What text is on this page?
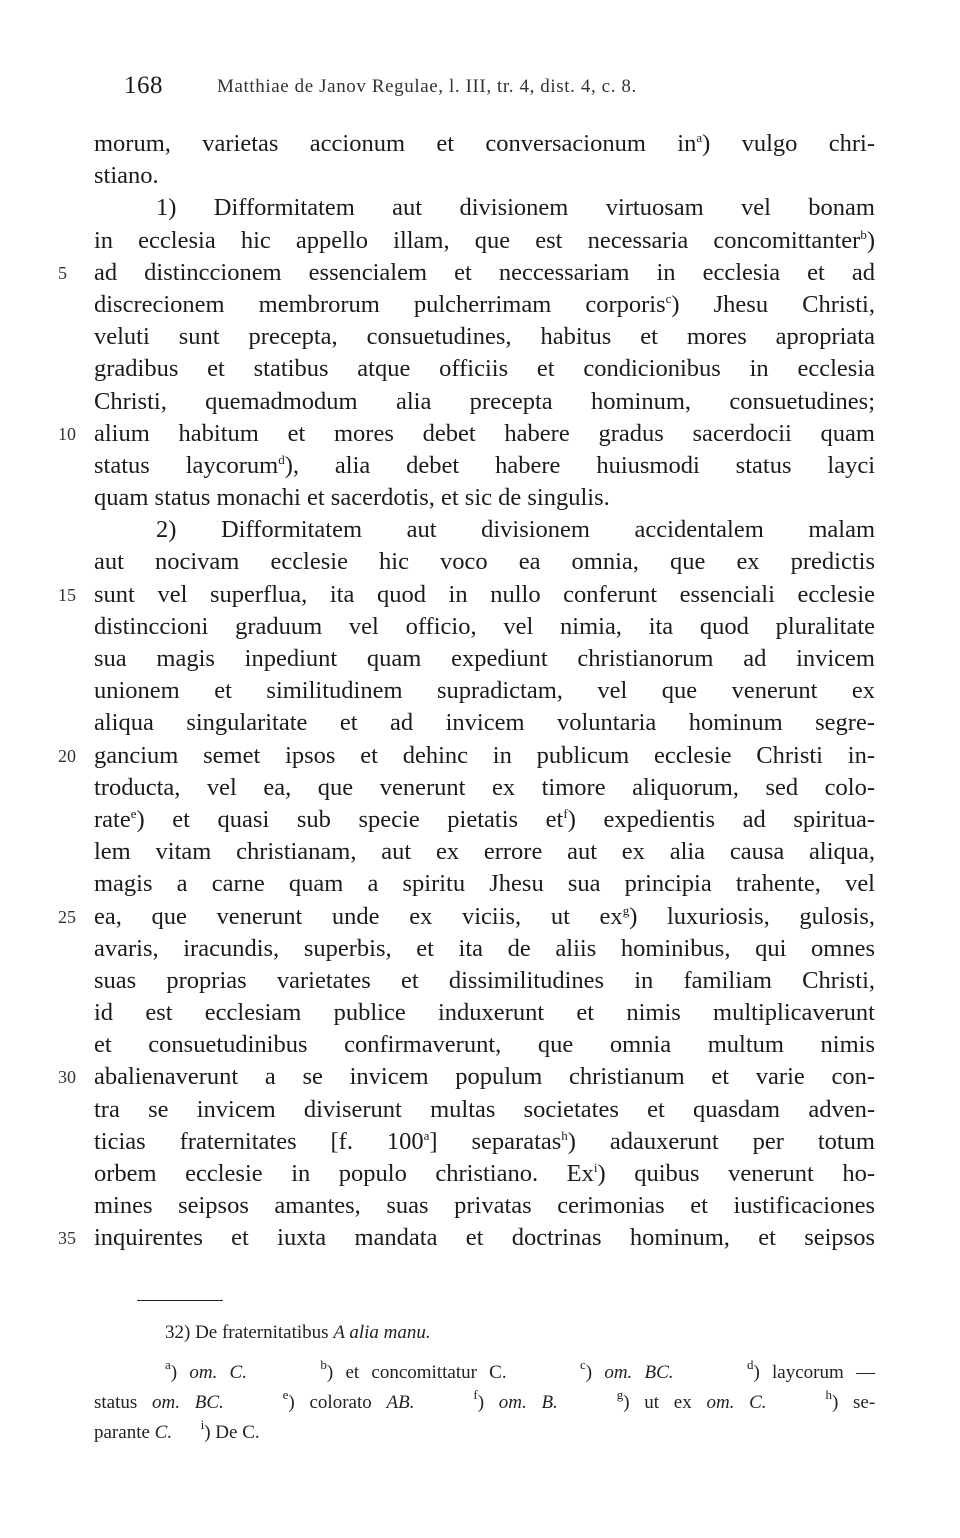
168	Matthiae de Janov Regulae, l. III, tr. 4, dist. 4, c. 8.
morum, varietas accionum et conversacionum $in^a$) vulgo chri-
stiano.
1) Difformitatem aut divisionem virtuosam vel bonam
in ecclesia hic appello illam, que est necessaria concomittanter$^b$)
5 ad distinccionem essencialem et neccessariam in ecclesia et ad
discrecionem membrorum pulcherrimam corporis$^c$) Jhesu Christi,
veluti sunt precepta, consuetudines, habitus et mores apropriata
gradibus et statibus atque officiis et condicionibus in ecclesia
Christi, quemadmodum alia precepta hominum, consuetudines;
10 alium habitum et mores debet habere gradus sacerdocii quam
status laycorum$^d$), alia debet habere huiusmodi status layci
quam status monachi et sacerdotis, et sic de singulis.
2) Difformitatem aut divisionem accidentalem malam
aut nocivam ecclesie hic voco ea omnia, que ex predictis
15 sunt vel superflua, ita quod in nullo conferunt essenciali ecclesie
distinccioni graduum vel officio, vel nimia, ita quod pluralitate
sua magis inpediunt quam expediunt christianorum ad invicem
unionem et similitudinem supradictam, vel que venerunt ex
aliqua singularitate et ad invicem voluntaria hominum segre-
20 gancium semet ipsos et dehinc in publicum ecclesie Christi in-
troducta, vel ea, que venerunt ex timore aliquorum, sed colo-
rate$^e$) et quasi sub specie pietatis $et^f$) expedientis ad spiritua-
lem vitam christianam, aut ex errore aut ex alia causa aliqua,
magis a carne quam a spiritu Jhesu sua principia trahente, vel
25 ea, que venerunt unde ex viciis, ut $ex^g$) luxuriosis, gulosis,
avaris, iracundis, superbis, et ita de aliis hominibus, qui omnes
suas proprias varietates et dissimilitudines in familiam Christi,
id est ecclesiam publice induxerunt et nimis multiplicaverunt
et consuetudinibus confirmaverunt, que omnia multum nimis
30 abalienaverunt a se invicem populum christianum et varie con-
tra se invicem diviserunt multas societates et quasdam adven-
ticias fraternitates [f. 100$^a$] separatas$^h$) adauxerunt per totum
orbem ecclesie in populo christiano. Ex$^i$) quibus venerunt ho-
mines seipsos amantes, suas privatas cerimonias et iustificaciones
35 inquirentes et iuxta mandata et doctrinas hominum, et seipsos
32) De fraternitatibus A alia manu.
$^a$) om. C.	$^b$) et concomittatur C.	$^c$) om. BC.	$^d$) laycorum —
status om. BC.	$^e$) colorato AB.	$^f$) om. B.	$^g$) ut ex om. C.	$^h$) se-
parante C. $^i$) De C.
